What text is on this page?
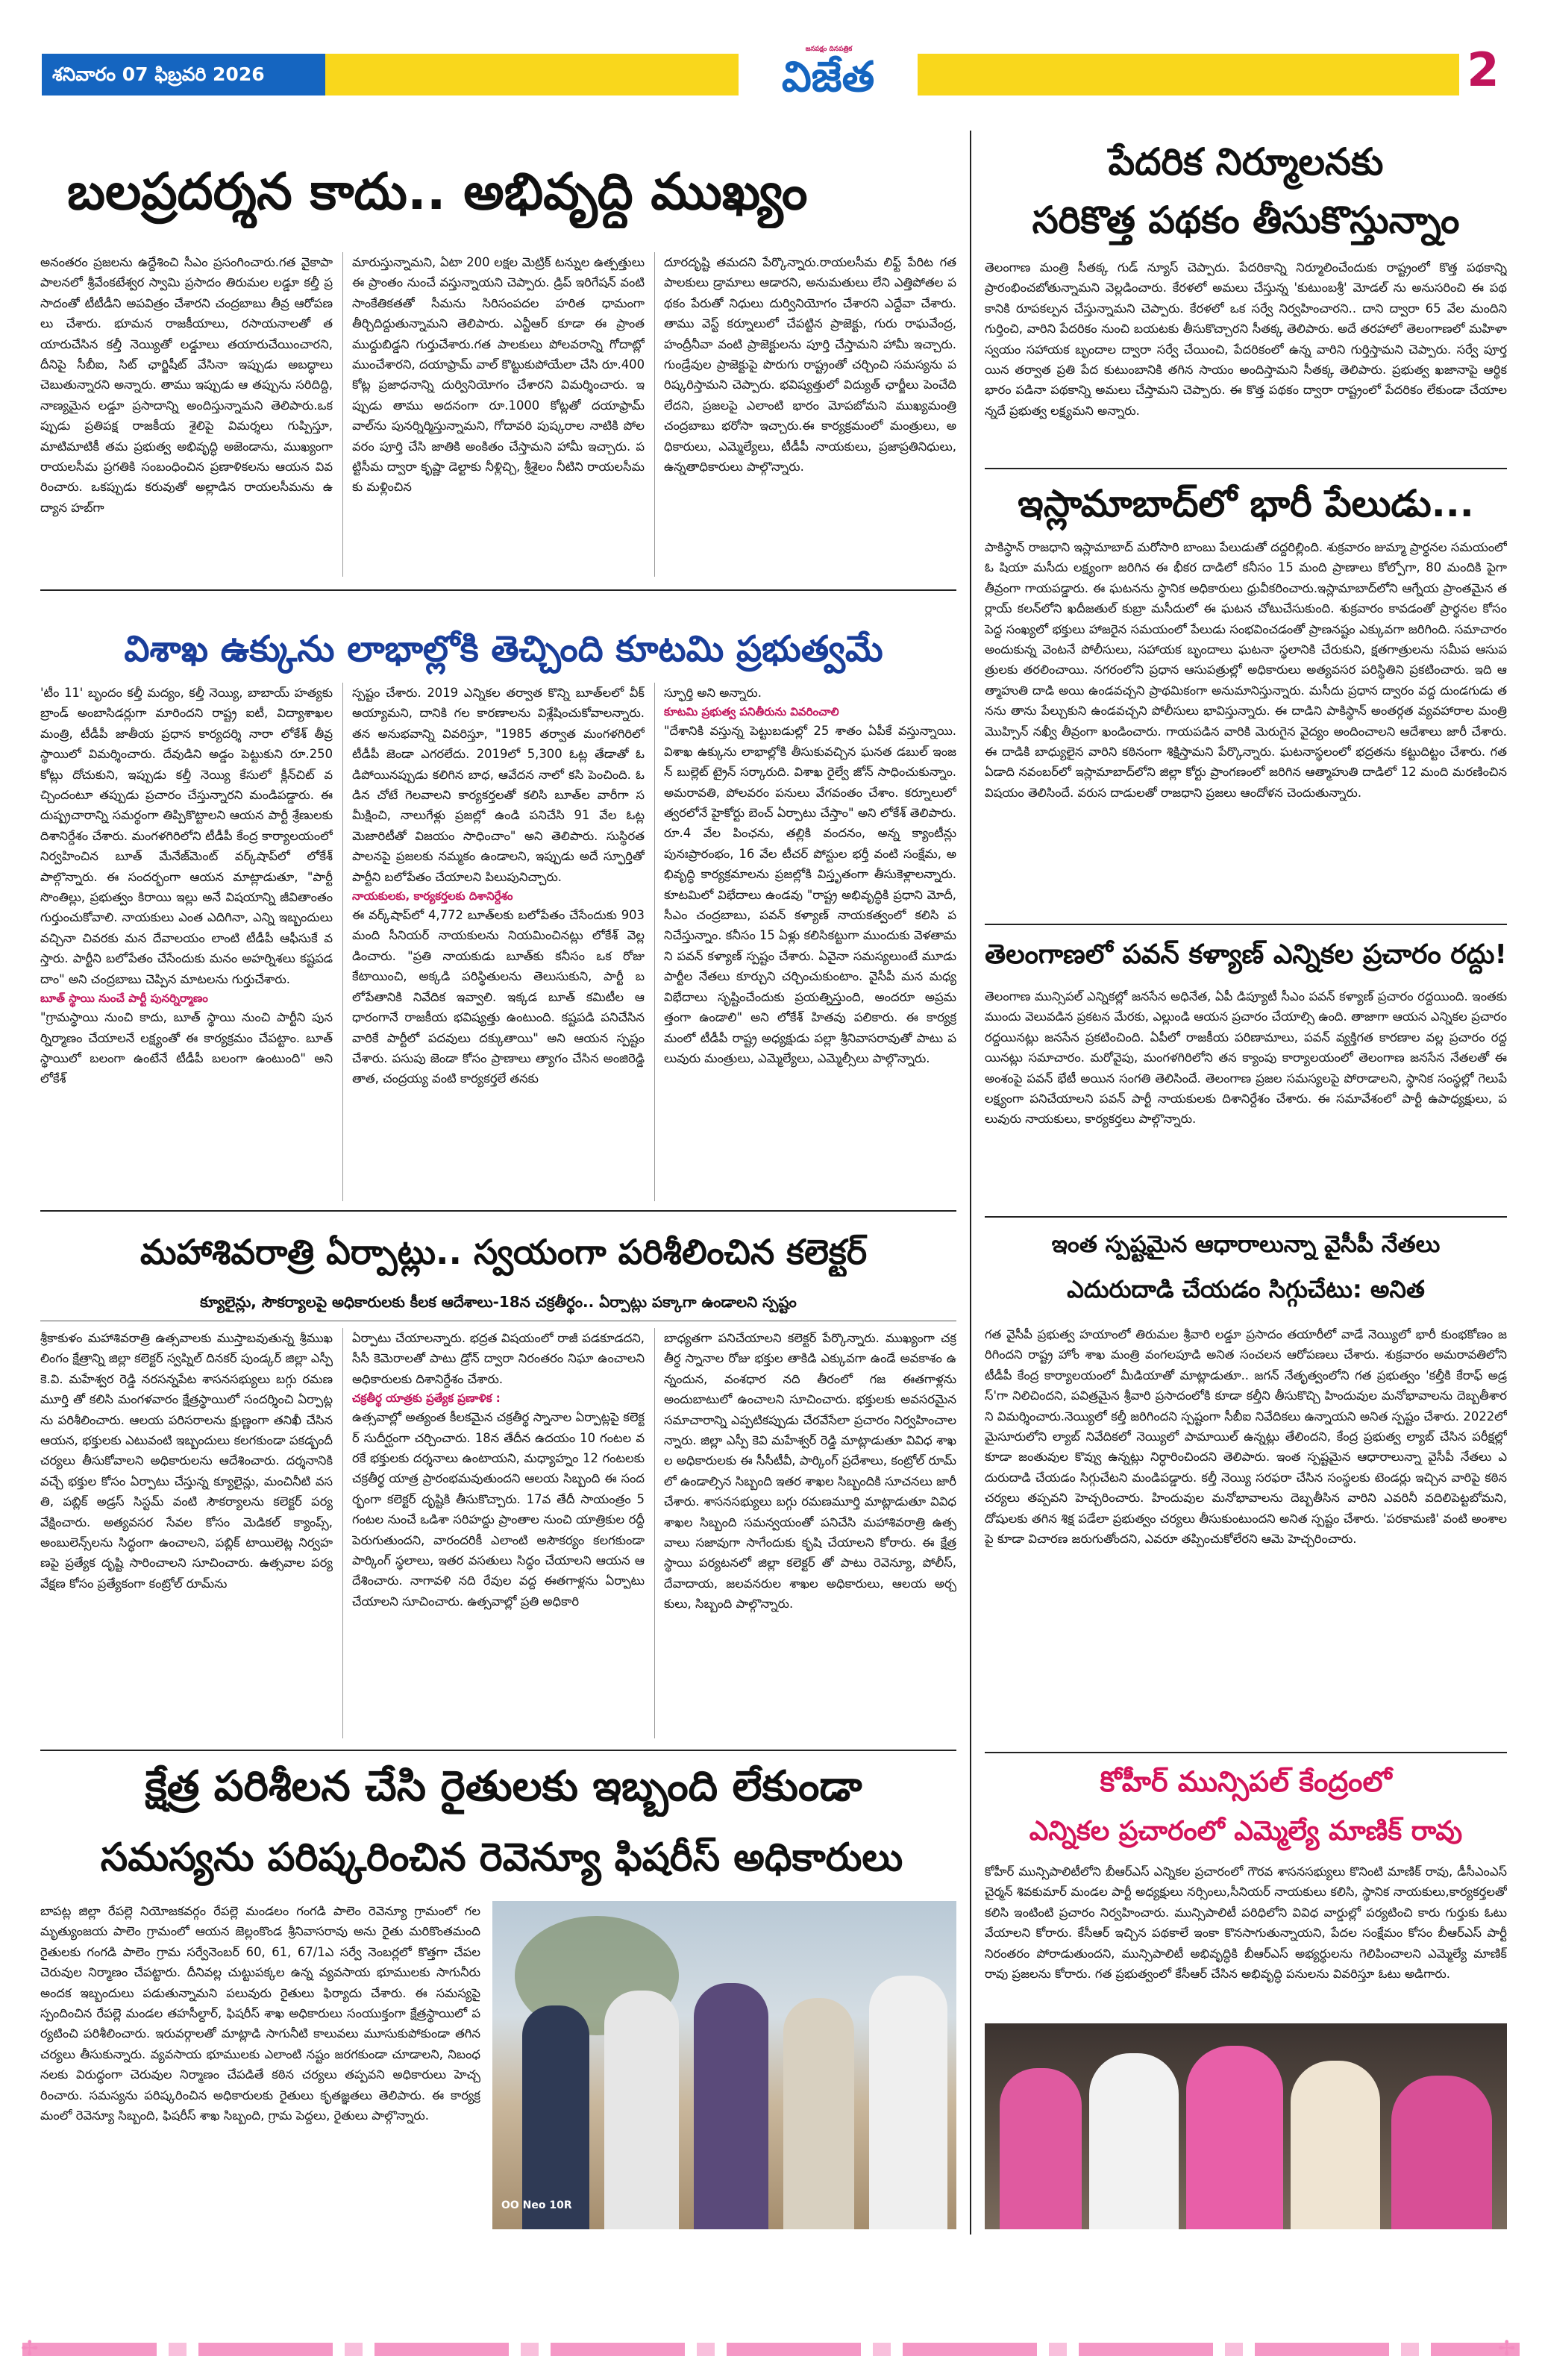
శనివారం 07 ఫిబ్రవరి 2026
జనపక్షం దినపత్రిక
విజేత	2
బలప్రదర్శన కాదు.. అభివృద్ధి ముఖ్యం
అనంతరం ప్రజలను ఉద్దేశించి సీఎం ప్రసంగించారు.గత వైకాపా పాలనలో శ్రీవేంకటేశ్వర స్వామి ప్రసాదం తిరుమల లడ్డూ కల్తీ ప్రసాదంతో టీటీడీని అపవిత్రం చేశారని చంద్రబాబు తీవ్ర ఆరోపణలు చేశారు. భూమన రాజకీయాలు, రసాయనాలతో తయారుచేసిన కల్తీ నెయ్యితో లడ్డూలు తయారుచేయించారని, దీనిపై సీబీఐ, సిట్ ఛార్జిషీట్ వేసినా ఇప్పుడు అబద్ధాలు చెబుతున్నారని అన్నారు. తాము ఇప్పుడు ఆ తప్పును సరిదిద్ది, నాణ్యమైన లడ్డూ ప్రసాదాన్ని అందిస్తున్నామని తెలిపారు.ఒకప్పుడు ప్రతిపక్ష రాజకీయ శైలిపై విమర్శలు గుప్పిస్తూ, మాటిమాటికీ తమ ప్రభుత్వ అభివృద్ధి అజెండాను, ముఖ్యంగా రాయలసీమ ప్రగతికి సంబంధించిన ప్రణాళికలను ఆయన వివరించారు. ఒకప్పుడు కరువుతో అల్లాడిన రాయలసీమను ఉద్యాన హబ్‌గా
మారుస్తున్నామని, ఏటా 200 లక్షల మెట్రిక్ టన్నుల ఉత్పత్తులు ఈ ప్రాంతం నుంచే వస్తున్నాయని చెప్పారు. డ్రిప్ ఇరిగేషన్ వంటి సాంకేతికతతో సీమను సిరిసంపదల హరిత ధామంగా తీర్చిదిద్దుతున్నామని తెలిపారు. ఎన్టీఆర్ కూడా ఈ ప్రాంత ముద్దుబిడ్డని గుర్తుచేశారు.గత పాలకులు పోలవరాన్ని గోదాట్లో ముంచేశారని, దయాఫ్రామ్ వాల్ కొట్టుకుపోయేలా చేసి రూ.400 కోట్ల ప్రజాధనాన్ని దుర్వినియోగం చేశారని విమర్శించారు. ఇప్పుడు తాము అదనంగా రూ.1000 కోట్లతో దయాఫ్రామ్ వాల్‌ను పునర్నిర్మిస్తున్నామని, గోదావరి పుష్కరాల నాటికి పోలవరం పూర్తి చేసి జాతికి అంకితం చేస్తామని హామీ ఇచ్చారు. పట్టిసీమ ద్వారా కృష్ణా డెల్టాకు నీళ్లిచ్చి, శ్రీశైలం నీటిని రాయలసీమకు మళ్లించిన
దూరదృష్టి తమదని పేర్కొన్నారు.రాయలసీమ లిఫ్ట్ పేరిట గత పాలకులు డ్రామాలు ఆడారని, అనుమతులు లేని ఎత్తిపోతల పథకం పేరుతో నిధులు దుర్వినియోగం చేశారని ఎద్దేవా చేశారు. తాము వెస్ట్ కర్నూలులో చేపట్టిన ప్రాజెక్టు, గురు రాఘవేంద్ర, హంద్రీనీవా వంటి ప్రాజెక్టులను పూర్తి చేస్తామని హామీ ఇచ్చారు. గుండ్రేవుల ప్రాజెక్టుపై పొరుగు రాష్ట్రంతో చర్చించి సమస్యను పరిష్కరిస్తామని చెప్పారు. భవిష్యత్తులో విద్యుత్ ఛార్జీలు పెంచేది లేదని, ప్రజలపై ఎలాంటి భారం మోపబోమని ముఖ్యమంత్రి చంద్రబాబు భరోసా ఇచ్చారు.ఈ కార్యక్రమంలో మంత్రులు, అధికారులు, ఎమ్మెల్యేలు, టీడీపీ నాయకులు, ప్రజాప్రతినిధులు, ఉన్నతాధికారులు పాల్గొన్నారు.
విశాఖ ఉక్కును లాభాల్లోకి తెచ్చింది కూటమి ప్రభుత్వమే
'టీం 11' బృందం కల్తీ మద్యం, కల్తీ నెయ్యి, బాబాయ్ హత్యకు బ్రాండ్ అంబాసిడర్లుగా మారిందని రాష్ట్ర ఐటీ, విద్యాశాఖల మంత్రి, టీడీపీ జాతీయ ప్రధాన కార్యదర్శి నారా లోకేశ్ తీవ్రస్థాయిలో విమర్శించారు. దేవుడిని అడ్డం పెట్టుకుని రూ.250 కోట్లు దోచుకుని, ఇప్పుడు కల్తీ నెయ్యి కేసులో క్లీన్‌చిట్ వచ్చిందంటూ తప్పుడు ప్రచారం చేస్తున్నారని మండిపడ్డారు. ఈ దుష్ప్రచారాన్ని సమర్థంగా తిప్పికొట్టాలని ఆయన పార్టీ శ్రేణులకు దిశానిర్దేశం చేశారు. మంగళగిరిలోని టీడీపీ కేంద్ర కార్యాలయంలో నిర్వహించిన బూత్ మేనేజ్‌మెంట్ వర్క్‌షాప్‌లో లోకేశ్ పాల్గొన్నారు. ఈ సందర్భంగా ఆయన మాట్లాడుతూ, "పార్టీ సొంతిల్లు, ప్రభుత్వం కిరాయి ఇల్లు అనే విషయాన్ని జీవితాంతం గుర్తుంచుకోవాలి. నాయకులు ఎంత ఎదిగినా, ఎన్ని ఇబ్బందులు వచ్చినా చివరకు మన దేవాలయం లాంటి టీడీపీ ఆఫీసుకే వస్తారు. పార్టీని బలోపేతం చేసేందుకు మనం అహర్నిశలు కష్టపడదాం" అని చంద్రబాబు చెప్పిన మాటలను గుర్తుచేశారు.
బూత్ స్థాయి నుంచే పార్టీ పునర్నిర్మాణం
"గ్రామస్థాయి నుంచి కాదు, బూత్ స్థాయి నుంచి పార్టీని పునర్నిర్మాణం చేయాలనే లక్ష్యంతో ఈ కార్యక్రమం చేపట్టాం. బూత్ స్థాయిలో బలంగా ఉంటేనే టీడీపీ బలంగా ఉంటుంది" అని లోకేశ్
స్పష్టం చేశారు. 2019 ఎన్నికల తర్వాత కొన్ని బూత్‌లలో వీక్ అయ్యామని, దానికి గల కారణాలను విశ్లేషించుకోవాలన్నారు. తన అనుభవాన్ని వివరిస్తూ, "1985 తర్వాత మంగళగిరిలో టీడీపీ జెండా ఎగరలేదు. 2019లో 5,300 ఓట్ల తేడాతో ఓడిపోయినప్పుడు కలిగిన బాధ, ఆవేదన నాలో కసి పెంచింది. ఓడిన చోటే గెలవాలని కార్యకర్తలతో కలిసి బూత్‌ల వారీగా సమీక్షించి, నాలుగేళ్లు ప్రజల్లో ఉండి పనిచేసి 91 వేల ఓట్ల మెజారిటీతో విజయం సాధించాం" అని తెలిపారు. సుస్థిరత పాలనపై ప్రజలకు నమ్మకం ఉండాలని, ఇప్పుడు అదే స్ఫూర్తితో పార్టీని బలోపేతం చేయాలని పిలుపునిచ్చారు.
నాయకులకు, కార్యకర్తలకు దిశానిర్దేశం
ఈ వర్క్‌షాప్‌లో 4,772 బూత్‌లకు బలోపేతం చేసేందుకు 903 మంది సీనియర్ నాయకులను నియమించినట్లు లోకేశ్ వెల్లడించారు. "ప్రతి నాయకుడు బూత్‌కు కనీసం ఒక రోజు కేటాయించి, అక్కడి పరిస్థితులను తెలుసుకుని, పార్టీ బలోపేతానికి నివేదిక ఇవ్వాలి. ఇక్కడ బూత్ కమిటీల ఆధారంగానే రాజకీయ భవిష్యత్తు ఉంటుంది. కష్టపడి పనిచేసిన వారికే పార్టీలో పదవులు దక్కుతాయి" అని ఆయన స్పష్టం చేశారు. పసుపు జెండా కోసం ప్రాణాలు త్యాగం చేసిన అంజిరెడ్డి తాత, చంద్రయ్య వంటి కార్యకర్తలే తనకు
స్ఫూర్తి అని అన్నారు.
కూటమి ప్రభుత్వ పనితీరును వివరించాలి
"దేశానికి వస్తున్న పెట్టుబడుల్లో 25 శాతం ఏపీకే వస్తున్నాయి. విశాఖ ఉక్కును లాభాల్లోకి తీసుకువచ్చిన ఘనత డబుల్ ఇంజన్ బుల్లెట్ ట్రైన్ సర్కారుది. విశాఖ రైల్వే జోన్ సాధించుకున్నాం. అమరావతి, పోలవరం పనులు వేగవంతం చేశాం. కర్నూలులో త్వరలోనే హైకోర్టు బెంచ్ ఏర్పాటు చేస్తాం" అని లోకేశ్ తెలిపారు. రూ.4 వేల పింఛను, తల్లికి వందనం, అన్న క్యాంటీన్లు పునఃప్రారంభం, 16 వేల టీచర్ పోస్టుల భర్తీ వంటి సంక్షేమ, అభివృద్ధి కార్యక్రమాలను ప్రజల్లోకి విస్తృతంగా తీసుకెళ్లాలన్నారు. కూటమిలో విభేదాలు ఉండవు "రాష్ట్ర అభివృద్ధికి ప్రధాని మోదీ, సీఎం చంద్రబాబు, పవన్ కళ్యాణ్ నాయకత్వంలో కలిసి పనిచేస్తున్నాం. కనీసం 15 ఏళ్లు కలిసికట్టుగా ముందుకు వెళతామని పవన్ కళ్యాణ్ స్పష్టం చేశారు. ఏవైనా సమస్యలుంటే మూడు పార్టీల నేతలు కూర్చుని చర్చించుకుంటాం. వైసీపీ మన మధ్య విభేదాలు సృష్టించేందుకు ప్రయత్నిస్తుంది, అందరూ అప్రమత్తంగా ఉండాలి" అని లోకేశ్ హితవు పలికారు. ఈ కార్యక్రమంలో టీడీపీ రాష్ట్ర అధ్యక్షుడు పల్లా శ్రీనివాసరావుతో పాటు పలువురు మంత్రులు, ఎమ్మెల్యేలు, ఎమ్మెల్సీలు పాల్గొన్నారు.
మహాశివరాత్రి ఏర్పాట్లు.. స్వయంగా పరిశీలించిన కలెక్టర్
క్యూలైన్లు, సౌకర్యాలపై అధికారులకు కీలక ఆదేశాలు-18న చక్రతీర్థం.. ఏర్పాట్లు పక్కాగా ఉండాలని స్పష్టం
శ్రీకాకుళం మహాశివరాత్రి ఉత్సవాలకు ముస్తాబవుతున్న శ్రీముఖలింగం క్షేత్రాన్ని జిల్లా కలెక్టర్ స్వప్నిల్ దినకర్ పుండ్కర్ జిల్లా ఎస్పీ కె.వి. మహేశ్వర రెడ్డి నరసన్నపేట శాసనసభ్యులు బగ్గు రమణమూర్తి తో కలిసి మంగళవారం క్షేత్రస్థాయిలో సందర్శించి ఏర్పాట్లను పరిశీలించారు. ఆలయ పరిసరాలను క్షుణ్ణంగా తనిఖీ చేసిన ఆయన, భక్తులకు ఎటువంటి ఇబ్బందులు కలగకుండా పకడ్బందీ చర్యలు తీసుకోవాలని అధికారులను ఆదేశించారు. దర్శనానికి వచ్చే భక్తుల కోసం ఏర్పాటు చేస్తున్న క్యూలైన్లు, మంచినీటి వసతి, పబ్లిక్ అడ్రస్ సిస్టమ్ వంటి సౌకర్యాలను కలెక్టర్ పర్యవేక్షించారు. అత్యవసర సేవల కోసం మెడికల్ క్యాంప్స్, అంబులెన్స్‌లను సిద్ధంగా ఉంచాలని, పబ్లిక్ టాయిలెట్ల నిర్వహణపై ప్రత్యేక దృష్టి సారించాలని సూచించారు. ఉత్సవాల పర్యవేక్షణ కోసం ప్రత్యేకంగా కంట్రోల్ రూమ్‌ను
ఏర్పాటు చేయాలన్నారు. భద్రత విషయంలో రాజీ పడకూడదని, సీసీ కెమెరాలతో పాటు డ్రోన్ ద్వారా నిరంతరం నిఘా ఉంచాలని అధికారులకు దిశానిర్దేశం చేశారు.
చక్రతీర్థ యాత్రకు ప్రత్యేక ప్రణాళిక :
ఉత్సవాల్లో అత్యంత కీలకమైన చక్రతీర్థ స్నానాల ఏర్పాట్లపై కలెక్టర్ సుదీర్ఘంగా చర్చించారు. 18న తేదీన ఉదయం 10 గంటల వరకే భక్తులకు దర్శనాలు ఉంటాయని, మధ్యాహ్నం 12 గంటలకు చక్రతీర్థ యాత్ర ప్రారంభమవుతుందని ఆలయ సిబ్బంది ఈ సందర్భంగా కలెక్టర్ దృష్టికి తీసుకొచ్చారు. 17వ తేదీ సాయంత్రం 5 గంటల నుంచే ఒడిశా సరిహద్దు ప్రాంతాల నుంచి యాత్రికుల రద్దీ పెరుగుతుందని, వారందరికీ ఎలాంటి అసౌకర్యం కలగకుండా పార్కింగ్ స్థలాలు, ఇతర వసతులు సిద్ధం చేయాలని ఆయన ఆదేశించారు. నాగావళి నది రేవుల వద్ద ఈతగాళ్లను ఏర్పాటు చేయాలని సూచించారు. ఉత్సవాల్లో ప్రతి అధికారి
బాధ్యతగా పనిచేయాలని కలెక్టర్ పేర్కొన్నారు. ముఖ్యంగా చక్రతీర్థ స్నానాల రోజు భక్తుల తాకిడి ఎక్కువగా ఉండే అవకాశం ఉన్నందున, వంశధార నది తీరంలో గజ ఈతగాళ్లను అందుబాటులో ఉంచాలని సూచించారు. భక్తులకు అవసరమైన సమాచారాన్ని ఎప్పటికప్పుడు చేరవేసేలా ప్రచారం నిర్వహించాలన్నారు. జిల్లా ఎస్పీ కెవి మహేశ్వర్ రెడ్డి మాట్లాడుతూ వివిధ శాఖల అధికారులకు ఈ సీసీటీవీ, పార్కింగ్ ప్రదేశాలు, కంట్రోల్ రూమ్ లో ఉండాల్సిన సిబ్బంది ఇతర శాఖల సిబ్బందికి సూచనలు జారీ చేశారు. శాసనసభ్యులు బగ్గు రమణమూర్తి మాట్లాడుతూ వివిధ శాఖల సిబ్బంది సమన్వయంతో పనిచేసి మహాశివరాత్రి ఉత్సవాలు సజావుగా సాగేందుకు కృషి చేయాలని కోరారు. ఈ క్షేత్రస్థాయి పర్యటనలో జిల్లా కలెక్టర్ తో పాటు రెవెన్యూ, పోలీస్, దేవాదాయ, జలవనరుల శాఖల అధికారులు, ఆలయ అర్చకులు, సిబ్బంది పాల్గొన్నారు.
క్షేత్ర పరిశీలన చేసి రైతులకు ఇబ్బంది లేకుండా
సమస్యను పరిష్కరించిన రెవెన్యూ ఫిషరీస్ అధికారులు
బాపట్ల జిల్లా రేపల్లె నియోజకవర్గం రేపల్లె మండలం గంగడి పాలెం రెవెన్యూ గ్రామంలో గల మృత్యుంజయ పాలెం గ్రామంలో ఆయన జెల్లంకొండ శ్రీనివాసరావు అను రైతు మరికొంతమంది రైతులకు గంగడి పాలెం గ్రామ సర్వేనెంబర్ 60, 61, 67/1ఎ సర్వే నెంబర్లలో కొత్తగా చేపల చెరువుల నిర్మాణం చేపట్టారు. దీనివల్ల చుట్టుపక్కల ఉన్న వ్యవసాయ భూములకు సాగునీరు అందక ఇబ్బందులు పడుతున్నామని పలువురు రైతులు ఫిర్యాదు చేశారు. ఈ సమస్యపై స్పందించిన రేపల్లె మండల తహసీల్దార్, ఫిషరీస్ శాఖ అధికారులు సంయుక్తంగా క్షేత్రస్థాయిలో పర్యటించి పరిశీలించారు. ఇరువర్గాలతో మాట్లాడి సాగునీటి కాలువలు మూసుకుపోకుండా తగిన చర్యలు తీసుకున్నారు. వ్యవసాయ భూములకు ఎలాంటి నష్టం జరగకుండా చూడాలని, నిబంధనలకు విరుద్ధంగా చెరువుల నిర్మాణం చేపడితే కఠిన చర్యలు తప్పవని అధికారులు హెచ్చరించారు. సమస్యను పరిష్కరించిన అధికారులకు రైతులు కృతజ్ఞతలు తెలిపారు. ఈ కార్యక్రమంలో రెవెన్యూ సిబ్బంది, ఫిషరీస్ శాఖ సిబ్బంది, గ్రామ పెద్దలు, రైతులు పాల్గొన్నారు.
OO Neo 10R
పేదరిక నిర్మూలనకు
సరికొత్త పథకం తీసుకొస్తున్నాం
తెలంగాణ మంత్రి సీతక్క గుడ్ న్యూస్ చెప్పారు. పేదరికాన్ని నిర్మూలించేందుకు రాష్ట్రంలో కొత్త పథకాన్ని ప్రారంభించబోతున్నామని వెల్లడించారు. కేరళలో అమలు చేస్తున్న 'కుటుంబశ్రీ' మోడల్ ను అనుసరించి ఈ పథకానికి రూపకల్పన చేస్తున్నామని చెప్పారు. కేరళలో ఒక సర్వే నిర్వహించారని.. దాని ద్వారా 65 వేల మందిని గుర్తించి, వారిని పేదరికం నుంచి బయటకు తీసుకొచ్చారని సీతక్క తెలిపారు. అదే తరహాలో తెలంగాణలో మహిళా స్వయం సహాయక బృందాల ద్వారా సర్వే చేయించి, పేదరికంలో ఉన్న వారిని గుర్తిస్తామని చెప్పారు. సర్వే పూర్తయిన తర్వాత ప్రతి పేద కుటుంబానికి తగిన సాయం అందిస్తామని సీతక్క తెలిపారు. ప్రభుత్వ ఖజానాపై ఆర్థిక భారం పడినా పథకాన్ని అమలు చేస్తామని చెప్పారు. ఈ కొత్త పథకం ద్వారా రాష్ట్రంలో పేదరికం లేకుండా చేయాలన్నదే ప్రభుత్వ లక్ష్యమని అన్నారు.
ఇస్లామాబాద్‌లో భారీ పేలుడు...
పాకిస్థాన్ రాజధాని ఇస్లామాబాద్ మరోసారి బాంబు పేలుడుతో దద్దరిల్లింది. శుక్రవారం జుమ్మా ప్రార్థనల సమయంలో ఓ షియా మసీదు లక్ష్యంగా జరిగిన ఈ భీకర దాడిలో కనీసం 15 మంది ప్రాణాలు కోల్పోగా, 80 మందికి పైగా తీవ్రంగా గాయపడ్డారు. ఈ ఘటనను స్థానిక అధికారులు ధ్రువీకరించారు.ఇస్లామాబాద్‌లోని ఆగ్నేయ ప్రాంతమైన తర్లాయ్ కలన్‌లోని ఖదీజతుల్ కుబ్రా మసీదులో ఈ ఘటన చోటుచేసుకుంది. శుక్రవారం కావడంతో ప్రార్థనల కోసం పెద్ద సంఖ్యలో భక్తులు హాజరైన సమయంలో పేలుడు సంభవించడంతో ప్రాణనష్టం ఎక్కువగా జరిగింది. సమాచారం అందుకున్న వెంటనే పోలీసులు, సహాయక బృందాలు ఘటనా స్థలానికి చేరుకుని, క్షతగాత్రులను సమీప ఆసుపత్రులకు తరలించాయి. నగరంలోని ప్రధాన ఆసుపత్రుల్లో అధికారులు అత్యవసర పరిస్థితిని ప్రకటించారు. ఇది ఆత్మాహుతి దాడి అయి ఉండవచ్చని ప్రాథమికంగా అనుమానిస్తున్నారు. మసీదు ప్రధాన ద్వారం వద్ద దుండగుడు తనను తాను పేల్చుకుని ఉండవచ్చని పోలీసులు భావిస్తున్నారు. ఈ దాడిని పాకిస్థాన్ అంతర్గత వ్యవహారాల మంత్రి మొహ్సిన్ నఖ్వీ తీవ్రంగా ఖండించారు. గాయపడిన వారికి మెరుగైన వైద్యం అందించాలని ఆదేశాలు జారీ చేశారు. ఈ దాడికి బాధ్యులైన వారిని కఠినంగా శిక్షిస్తామని పేర్కొన్నారు. ఘటనాస్థలంలో భద్రతను కట్టుదిట్టం చేశారు. గత ఏడాది నవంబర్‌లో ఇస్లామాబాద్‌లోని జిల్లా కోర్టు ప్రాంగణంలో జరిగిన ఆత్మాహుతి దాడిలో 12 మంది మరణించిన విషయం తెలిసిందే. వరుస దాడులతో రాజధాని ప్రజలు ఆందోళన చెందుతున్నారు.
తెలంగాణలో పవన్ కళ్యాణ్ ఎన్నికల ప్రచారం రద్దు!
తెలంగాణ మున్సిపల్ ఎన్నికల్లో జనసేన అధినేత, ఏపీ డిప్యూటీ సీఎం పవన్ కళ్యాణ్ ప్రచారం రద్దయింది. ఇంతకు ముందు వెలువడిన ప్రకటన మేరకు, ఎల్లుండి ఆయన ప్రచారం చేయాల్సి ఉంది. తాజాగా ఆయన ఎన్నికల ప్రచారం రద్దయినట్లు జనసేన ప్రకటించింది. ఏపీలో రాజకీయ పరిణామాలు, పవన్ వ్యక్తిగత కారణాల వల్ల ప్రచారం రద్దయినట్లు సమాచారం. మరోవైపు, మంగళగిరిలోని తన క్యాంపు కార్యాలయంలో తెలంగాణ జనసేన నేతలతో ఈ అంశంపై పవన్ భేటీ అయిన సంగతి తెలిసిందే. తెలంగాణ ప్రజల సమస్యలపై పోరాడాలని, స్థానిక సంస్థల్లో గెలుపే లక్ష్యంగా పనిచేయాలని పవన్ పార్టీ నాయకులకు దిశానిర్దేశం చేశారు. ఈ సమావేశంలో పార్టీ ఉపాధ్యక్షులు, పలువురు నాయకులు, కార్యకర్తలు పాల్గొన్నారు.
ఇంత స్పష్టమైన ఆధారాలున్నా వైసీపీ నేతలు
ఎదురుదాడి చేయడం సిగ్గుచేటు: అనిత
గత వైసీపీ ప్రభుత్వ హయాంలో తిరుమల శ్రీవారి లడ్డూ ప్రసాదం తయారీలో వాడే నెయ్యిలో భారీ కుంభకోణం జరిగిందని రాష్ట్ర హోం శాఖ మంత్రి వంగలపూడి అనిత సంచలన ఆరోపణలు చేశారు. శుక్రవారం అమరావతిలోని టీడీపీ కేంద్ర కార్యాలయంలో మీడియాతో మాట్లాడుతూ.. జగన్ నేతృత్వంలోని గత ప్రభుత్వం 'కల్తీకి కేరాఫ్ అడ్రస్'గా నిలిచిందని, పవిత్రమైన శ్రీవారి ప్రసాదంలోకి కూడా కల్తీని తీసుకొచ్చి హిందువుల మనోభావాలను దెబ్బతీశారని విమర్శించారు.నెయ్యిలో కల్తీ జరిగిందని స్పష్టంగా సీబీఐ నివేదికలు ఉన్నాయని అనిత స్పష్టం చేశారు. 2022లో మైసూరులోని ల్యాబ్ నివేదికలో నెయ్యిలో పామాయిల్ ఉన్నట్లు తేలిందని, కేంద్ర ప్రభుత్వ ల్యాబ్ చేసిన పరీక్షల్లో కూడా జంతువుల కొవ్వు ఉన్నట్లు నిర్ధారించిందని తెలిపారు. ఇంత స్పష్టమైన ఆధారాలున్నా వైసీపీ నేతలు ఎదురుదాడి చేయడం సిగ్గుచేటని మండిపడ్డారు. కల్తీ నెయ్యి సరఫరా చేసిన సంస్థలకు టెండర్లు ఇచ్చిన వారిపై కఠిన చర్యలు తప్పవని హెచ్చరించారు. హిందువుల మనోభావాలను దెబ్బతీసిన వారిని ఎవరినీ వదిలిపెట్టబోమని, దోషులకు తగిన శిక్ష పడేలా ప్రభుత్వం చర్యలు తీసుకుంటుందని అనిత స్పష్టం చేశారు. 'పరకామణి' వంటి అంశాలపై కూడా విచారణ జరుగుతోందని, ఎవరూ తప్పించుకోలేరని ఆమె హెచ్చరించారు.
కోహీర్ మున్సిపల్ కేంద్రంలో
ఎన్నికల ప్రచారంలో ఎమ్మెల్యే మాణిక్ రావు
కోహీర్ మున్సిపాలిటీలోని బీఆర్ఎస్ ఎన్నికల ప్రచారంలో గౌరవ శాసనసభ్యులు కొనింటి మాణిక్ రావు, డీసీఎంఎస్ చైర్మన్ శివకుమార్ మండల పార్టీ అధ్యక్షులు నర్సింలు,సీనియర్ నాయకులు కలిసి, స్థానిక నాయకులు,కార్యకర్తలతో కలిసి ఇంటింటి ప్రచారం నిర్వహించారు. మున్సిపాలిటీ పరిధిలోని వివిధ వార్డుల్లో పర్యటించి కారు గుర్తుకు ఓటు వేయాలని కోరారు. కేసీఆర్ ఇచ్చిన పథకాలే ఇంకా కొనసాగుతున్నాయని, పేదల సంక్షేమం కోసం బీఆర్ఎస్ పార్టీ నిరంతరం పోరాడుతుందని, మున్సిపాలిటీ అభివృద్ధికి బీఆర్ఎస్ అభ్యర్థులను గెలిపించాలని ఎమ్మెల్యే మాణిక్ రావు ప్రజలను కోరారు. గత ప్రభుత్వంలో కేసీఆర్ చేసిన అభివృద్ధి పనులను వివరిస్తూ ఓటు అడిగారు.
✢	✢
